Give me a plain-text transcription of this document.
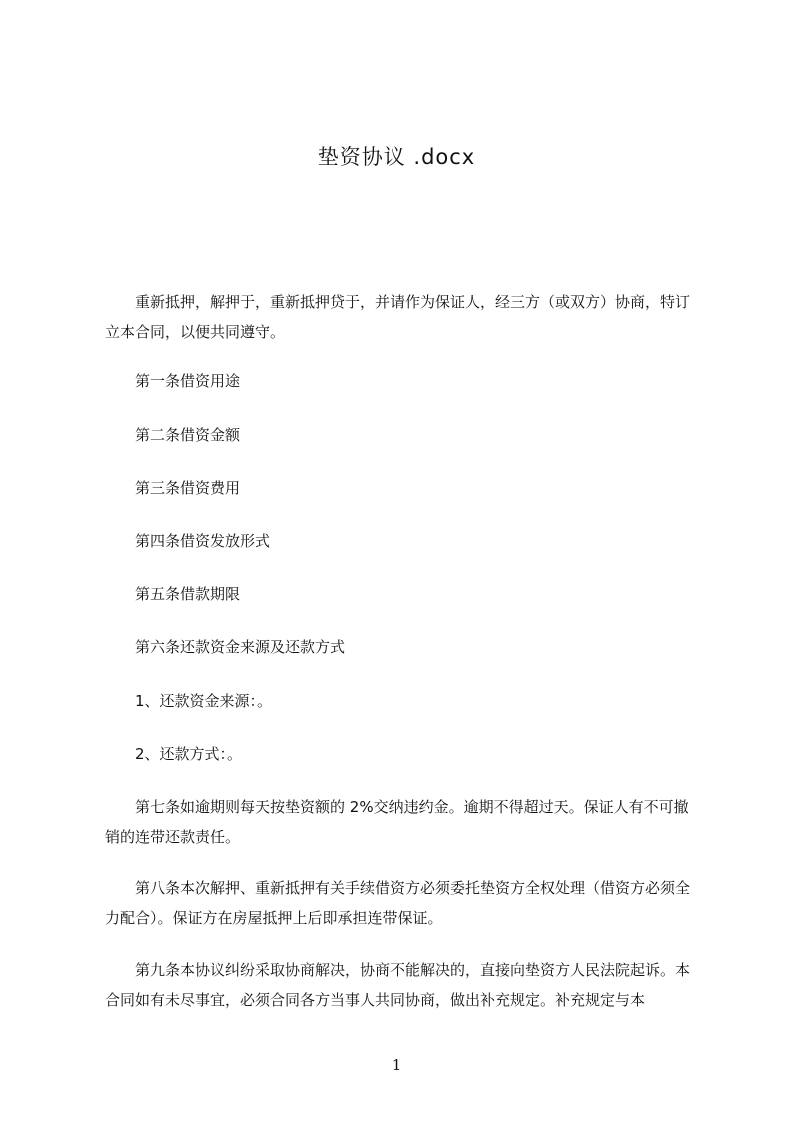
垫资协议 .docx
重新抵押，解押于，重新抵押贷于，并请作为保证人，经三方（或双方）协商，特订立本合同，以便共同遵守。
第一条借资用途
第二条借资金额
第三条借资费用
第四条借资发放形式
第五条借款期限
第六条还款资金来源及还款方式
1、还款资金来源：。
2、还款方式：。
第七条如逾期则每天按垫资额的 2%交纳违约金。逾期不得超过天。保证人有不可撤销的连带还款责任。
第八条本次解押、重新抵押有关手续借资方必须委托垫资方全权处理（借资方必须全力配合）。保证方在房屋抵押上后即承担连带保证。
第九条本协议纠纷采取协商解决，协商不能解决的，直接向垫资方人民法院起诉。本合同如有未尽事宜，必须合同各方当事人共同协商，做出补充规定。补充规定与本
1
